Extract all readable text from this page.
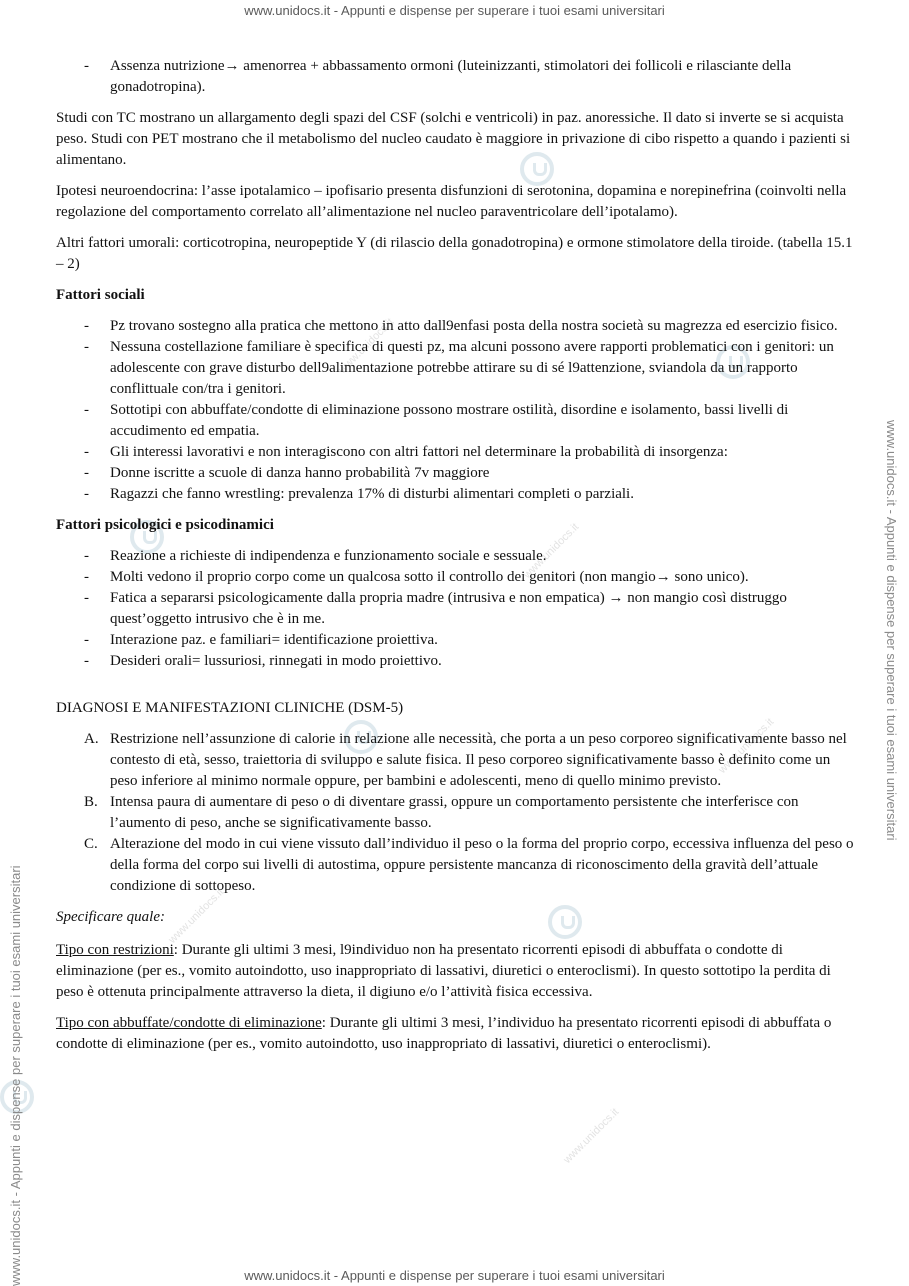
www.unidocs.it
www.unidocs.it
www.unidocs.it
www.unidocs.it
www.unidocs.it
www.unidocs.it - Appunti e dispense per superare i tuoi esami universitari
www.unidocs.it - Appunti e dispense per superare i tuoi esami universitari
www.unidocs.it - Appunti e dispense per superare i tuoi esami universitari
www.unidocs.it - Appunti e dispense per superare i tuoi esami universitari
- Assenza nutrizione→ amenorrea + abbassamento ormoni (luteinizzanti, stimolatori dei follicoli e rilasciante della gonadotropina).

Studi con TC mostrano un allargamento degli spazi del CSF (solchi e ventricoli) in paz. anoressiche. Il dato si inverte se si acquista peso. Studi con PET mostrano che il metabolismo del nucleo caudato è maggiore in privazione di cibo rispetto a quando i pazienti si alimentano.

Ipotesi neuroendocrina: l’asse ipotalamico – ipofisario presenta disfunzioni di serotonina, dopamina e norepinefrina (coinvolti nella regolazione del comportamento correlato all’alimentazione nel nucleo paraventricolare dell’ipotalamo).

Altri fattori umorali: corticotropina, neuropeptide Y (di rilascio della gonadotropina) e ormone stimolatore della tiroide. (tabella 15.1 – 2)

Fattori sociali
- Pz trovano sostegno alla pratica che mettono in atto dall9enfasi posta della nostra società su magrezza ed esercizio fisico.
- Nessuna costellazione familiare è specifica di questi pz, ma alcuni possono avere rapporti problematici con i genitori: un adolescente con grave disturbo dell9alimentazione potrebbe attirare su di sé l9attenzione, sviandola da un rapporto conflittuale con/tra i genitori.
- Sottotipi con abbuffate/condotte di eliminazione possono mostrare ostilità, disordine e isolamento, bassi livelli di accudimento ed empatia.
- Gli interessi lavorativi e non interagiscono con altri fattori nel determinare la probabilità di insorgenza:
- Donne iscritte a scuole di danza hanno probabilità 7v maggiore
- Ragazzi che fanno wrestling: prevalenza 17% di disturbi alimentari completi o parziali.
Fattori psicologici e psicodinamici
- Reazione a richieste di indipendenza e funzionamento sociale e sessuale.
- Molti vedono il proprio corpo come un qualcosa sotto il controllo dei genitori (non mangio→ sono unico).
- Fatica a separarsi psicologicamente dalla propria madre (intrusiva e non empatica) → non mangio così distruggo quest’oggetto intrusivo che è in me.
- Interazione paz. e familiari= identificazione proiettiva.
- Desideri orali= lussuriosi, rinnegati in modo proiettivo.
DIAGNOSI E MANIFESTAZIONI CLINICHE (DSM-5)
A. Restrizione nell’assunzione di calorie in relazione alle necessità, che porta a un peso corporeo significativamente basso nel contesto di età, sesso, traiettoria di sviluppo e salute fisica. Il peso corporeo significativamente basso è definito come un peso inferiore al minimo normale oppure, per bambini e adolescenti, meno di quello minimo previsto.
B. Intensa paura di aumentare di peso o di diventare grassi, oppure un comportamento persistente che interferisce con l’aumento di peso, anche se significativamente basso.
C. Alterazione del modo in cui viene vissuto dall’individuo il peso o la forma del proprio corpo, eccessiva influenza del peso o della forma del corpo sui livelli di autostima, oppure persistente mancanza di riconoscimento della gravità dell’attuale condizione di sottopeso.

Specificare quale:

Tipo con restrizioni: Durante gli ultimi 3 mesi, l9individuo non ha presentato ricorrenti episodi di abbuffata o condotte di eliminazione (per es., vomito autoindotto, uso inappropriato di lassativi, diuretici o enteroclismi). In questo sottotipo la perdita di peso è ottenuta principalmente attraverso la dieta, il digiuno e/o l’attività fisica eccessiva.

Tipo con abbuffate/condotte di eliminazione: Durante gli ultimi 3 mesi, l’individuo ha presentato ricorrenti episodi di abbuffata o condotte di eliminazione (per es., vomito autoindotto, uso inappropriato di lassativi, diuretici o enteroclismi).
